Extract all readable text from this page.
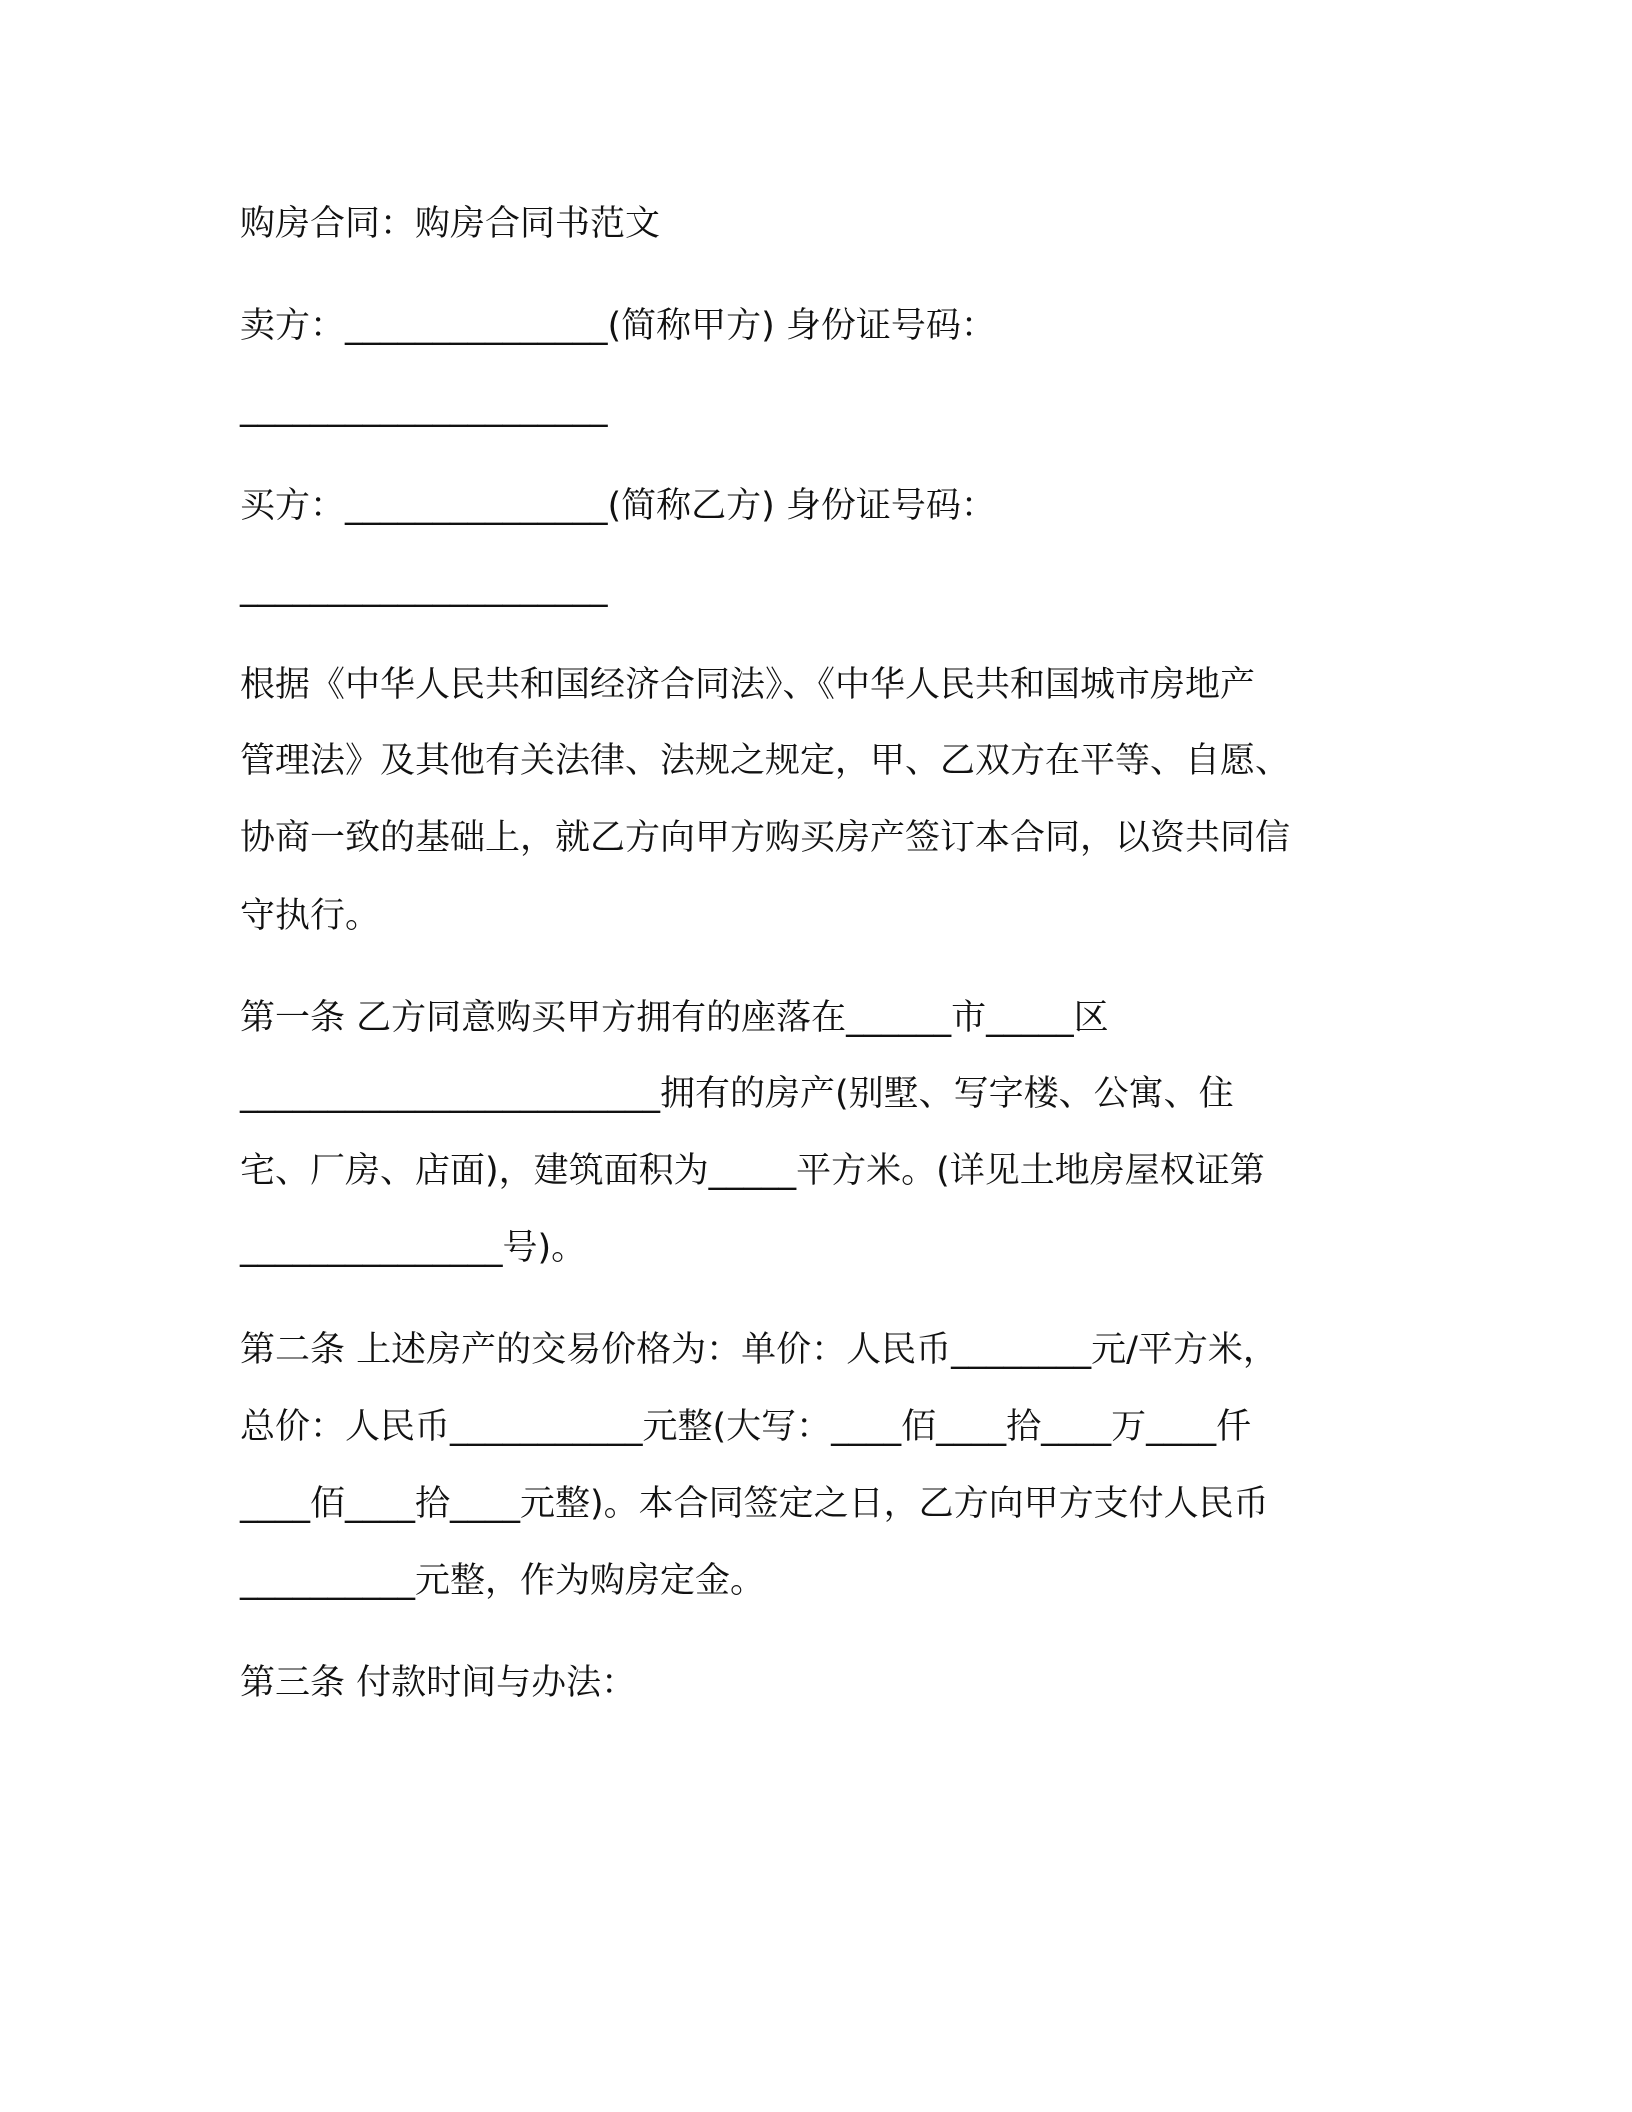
购房合同：购房合同书范文
卖方：_______________(简称甲方) 身份证号码：
_____________________
买方：_______________(简称乙方) 身份证号码：
_____________________
根据《中华人民共和国经济合同法》、《中华人民共和国城市房地产
管理法》及其他有关法律、法规之规定，甲、乙双方在平等、自愿、
协商一致的基础上，就乙方向甲方购买房产签订本合同，以资共同信
守执行。
第一条 乙方同意购买甲方拥有的座落在______市_____区
________________________拥有的房产(别墅、写字楼、公寓、住
宅、厂房、店面)，建筑面积为_____平方米。(详见土地房屋权证第
_______________号)。
第二条 上述房产的交易价格为：单价：人民币________元/平方米，
总价：人民币___________元整(大写：____佰____拾____万____仟
____佰____拾____元整)。本合同签定之日，乙方向甲方支付人民币
__________元整，作为购房定金。
第三条 付款时间与办法：
